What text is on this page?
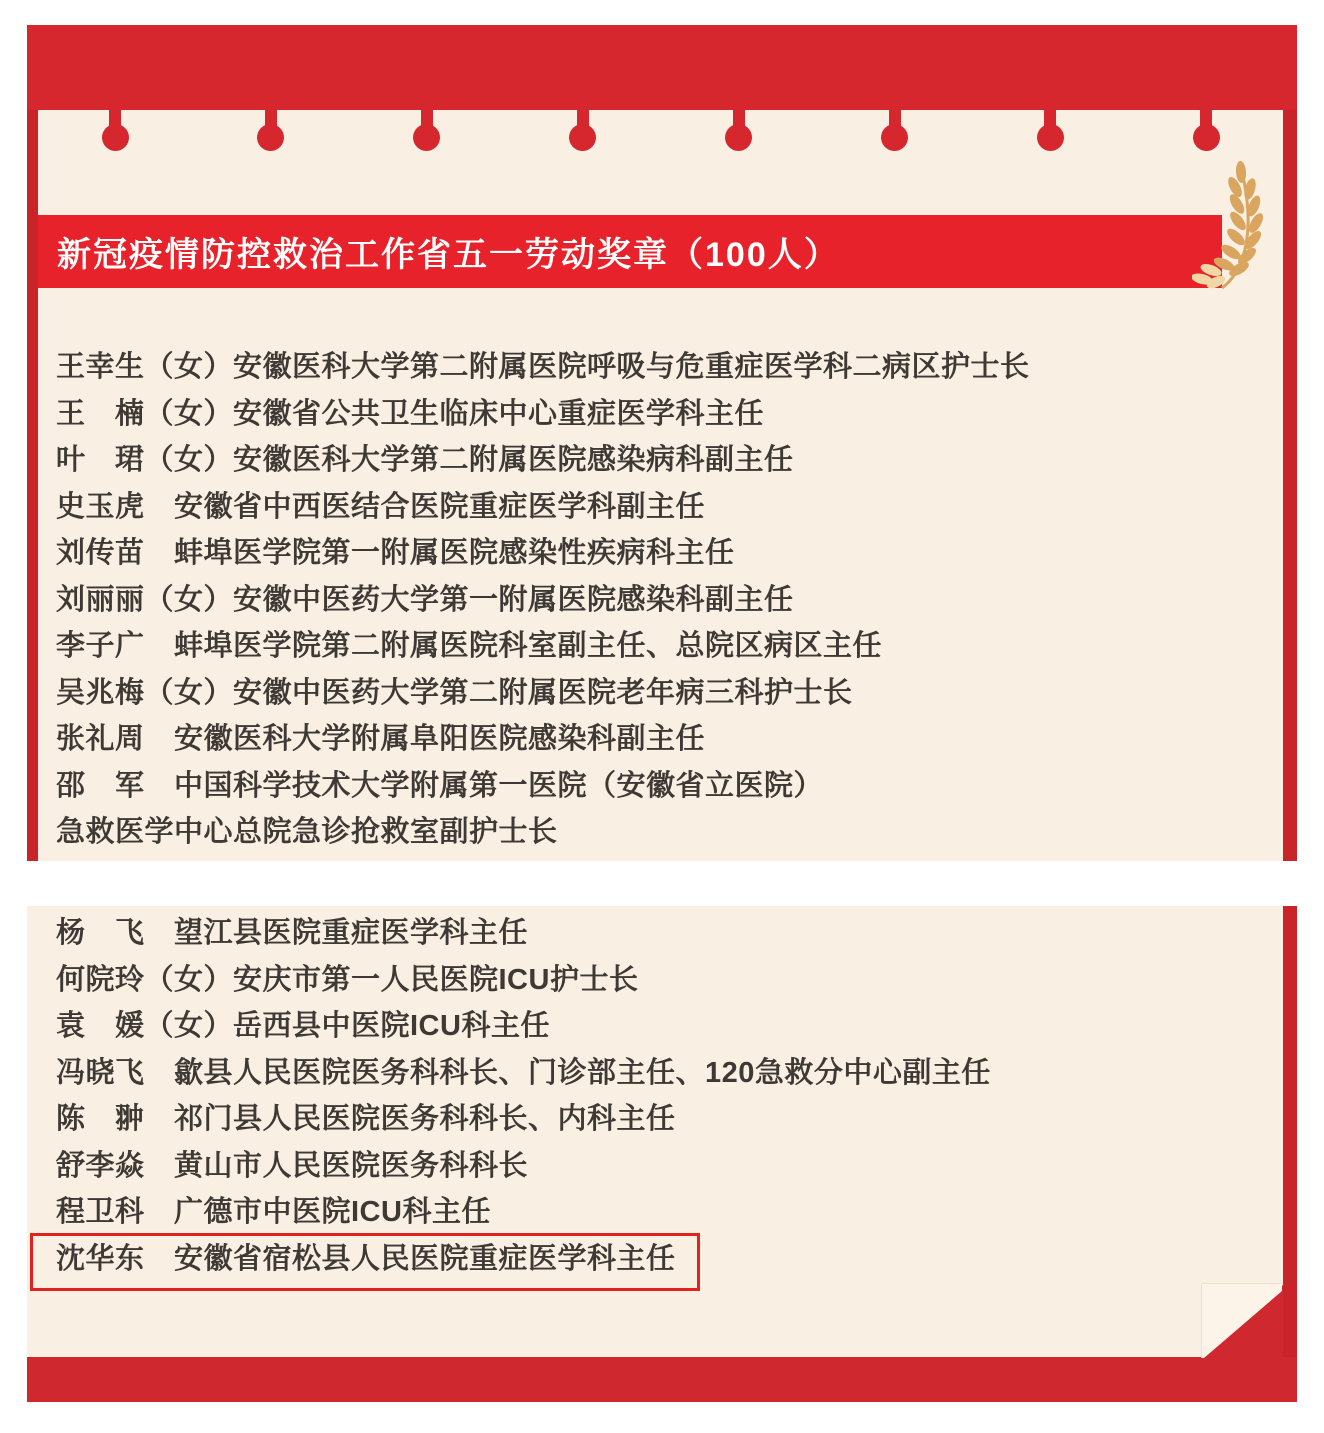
新冠疫情防控救治工作省五一劳动奖章（100人）
王幸生（女）安徽医科大学第二附属医院呼吸与危重症医学科二病区护士长
王　楠（女）安徽省公共卫生临床中心重症医学科主任
叶　珺（女）安徽医科大学第二附属医院感染病科副主任
史玉虎　安徽省中西医结合医院重症医学科副主任
刘传苗　蚌埠医学院第一附属医院感染性疾病科主任
刘丽丽（女）安徽中医药大学第一附属医院感染科副主任
李子广　蚌埠医学院第二附属医院科室副主任、总院区病区主任
吴兆梅（女）安徽中医药大学第二附属医院老年病三科护士长
张礼周　安徽医科大学附属阜阳医院感染科副主任
邵　军　中国科学技术大学附属第一医院（安徽省立医院）
急救医学中心总院急诊抢救室副护士长
杨　飞　望江县医院重症医学科主任
何院玲（女）安庆市第一人民医院ICU护士长
袁　媛（女）岳西县中医院ICU科主任
冯晓飞　歙县人民医院医务科科长、门诊部主任、120急救分中心副主任
陈　翀　祁门县人民医院医务科科长、内科主任
舒李焱　黄山市人民医院医务科科长
程卫科　广德市中医院ICU科主任
沈华东　安徽省宿松县人民医院重症医学科主任
